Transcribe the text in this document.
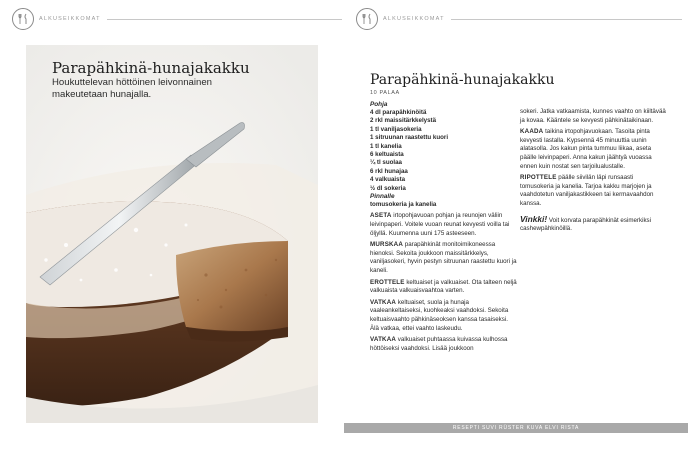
ALKUSEIKKOMAT	ALKUSEIKKOMAT
Parapähkinä-hunajakakku
Houkuttelevan höttöinen leivonnainen makeutetaan hunajalla.
Parapähkinä-hunajakakku
10 PALAA
Pohja
4 dl parapähkinöitä
2 rkl maissitärkkelystä
1 tl vaniljasokeria
1 sitruunan raastettu kuori
1 tl kanelia
6 keltuaista
¼ tl suolaa
6 rkl hunajaa
4 valkuaista
½ dl sokeria
Pinnalle
tomusokeria ja kanelia

ASETA irtopohjavuoan pohjan ja reunojen väliin leivinpaperi. Voitele vuoan reunat kevyesti voilla tai öljyllä. Kuumenna uuni 175 asteeseen.

MURSKAA parapähkinät monitoimikoneessa hienoksi. Sekoita joukkoon maissitärkkelys, vaniljasokeri, hyvin pestyn sitruunan raastettu kuori ja kaneli.

EROTTELE keltuaiset ja valkuaiset. Ota talteen neljä valkuaista valkuaisvaahtoa varten.

VATKAA keltuaiset, suola ja hunaja vaaleankeltaiseksi, kuohkeaksi vaahdoksi. Sekoita keltuaisvaahto pähkinäseoksen kanssa tasaiseksi. Älä vatkaa, ettei vaahto laskeudu.

VATKAA valkuaiset puhtaassa kuivassa kulhossa höttöiseksi vaahdoksi. Lisää joukkoon

sokeri. Jatka vatkaamista, kunnes vaahto on kiiltävää ja kovaa. Kääntele se kevyesti pähkinätaikinaan.

KAADA taikina irtopohjavuokaan. Tasoita pinta kevyesti lastalla. Kypsennä 45 minuuttia uunin alatasolla. Jos kakun pinta tummuu liikaa, aseta päälle leivinpaperi. Anna kakun jäähtyä vuoassa ennen kuin nostat sen tarjoilualustalle.

RIPOTTELE päälle siivilän läpi runsaasti tomusokeria ja kanelia. Tarjoa kakku marjojen ja vaahdotetun vaniljakastikkeen tai kermavaahdon kanssa.

Vinkki! Voit korvata parapähkinät esimerkiksi cashewpähkinöillä.

RESEPTI SUVI RÜSTER KUVA ELVI RISTA
